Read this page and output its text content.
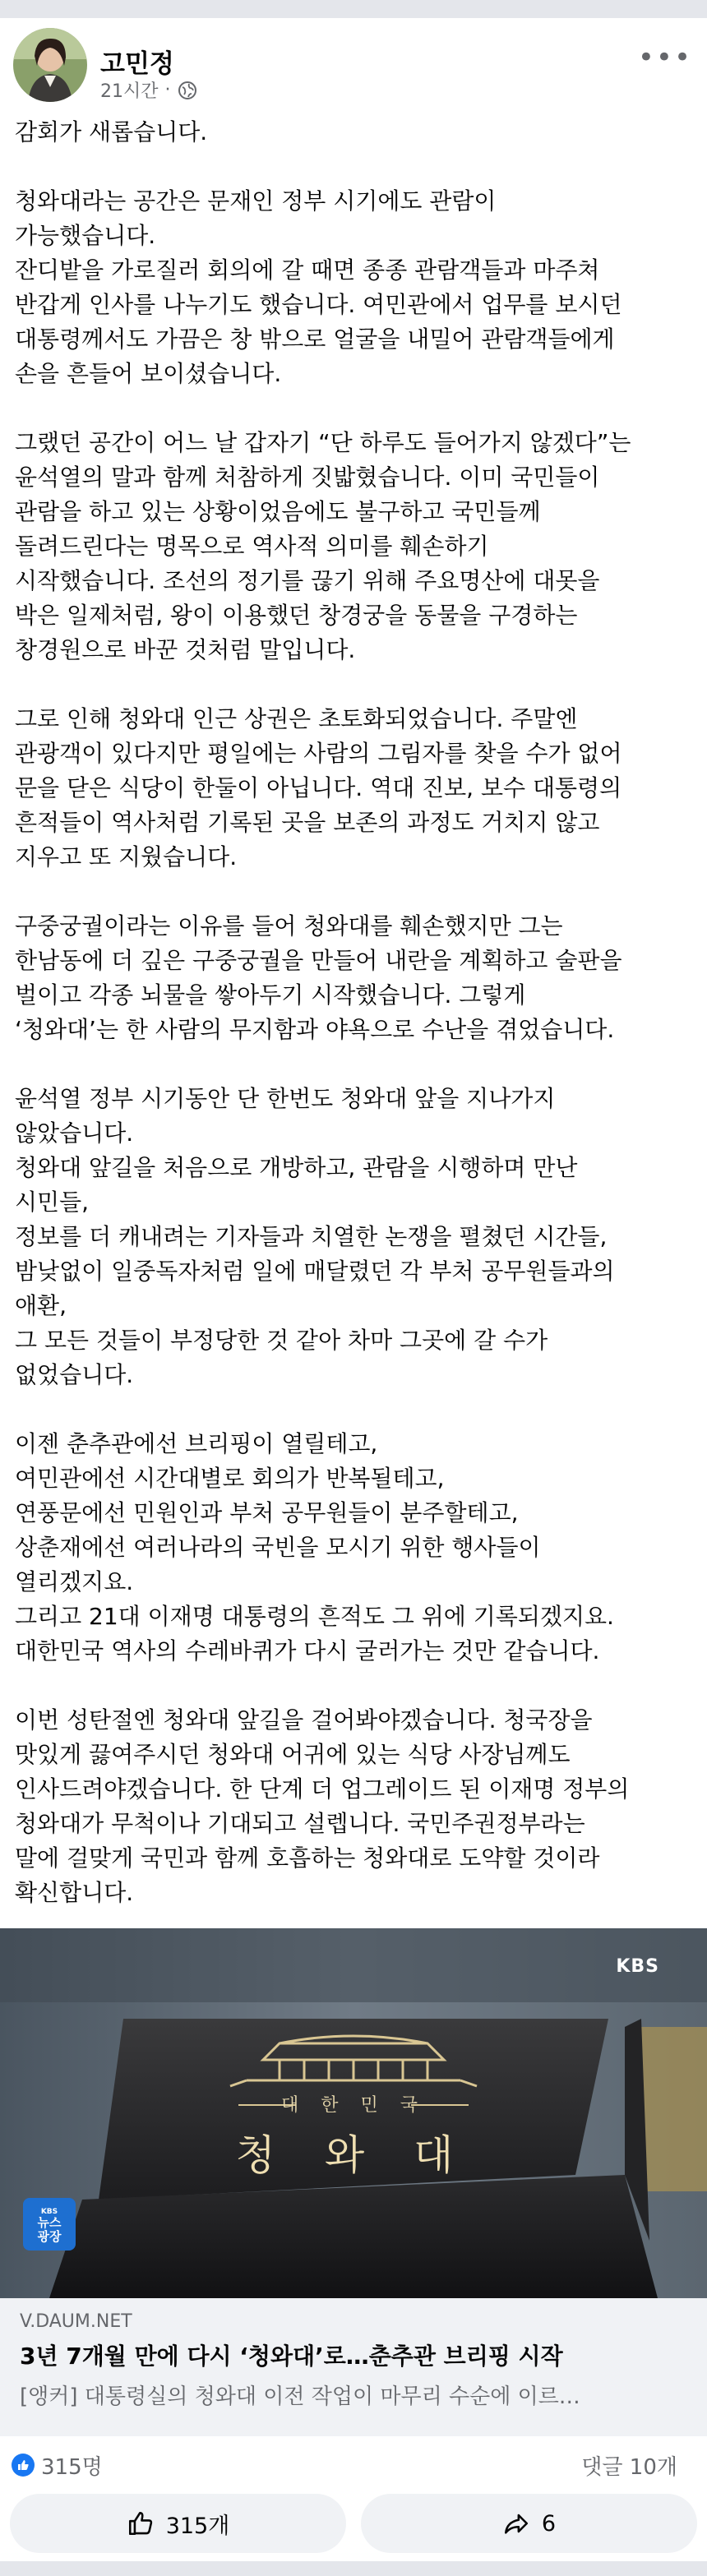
고민정
21시간 ·
•••
감회가 새롭습니다.

청와대라는 공간은 문재인 정부 시기에도 관람이
가능했습니다.
잔디밭을 가로질러 회의에 갈 때면 종종 관람객들과 마주쳐
반갑게 인사를 나누기도 했습니다. 여민관에서 업무를 보시던
대통령께서도 가끔은 창 밖으로 얼굴을 내밀어 관람객들에게
손을 흔들어 보이셨습니다.

그랬던 공간이 어느 날 갑자기 “단 하루도 들어가지 않겠다”는
윤석열의 말과 함께 처참하게 짓밟혔습니다. 이미 국민들이
관람을 하고 있는 상황이었음에도 불구하고 국민들께
돌려드린다는 명목으로 역사적 의미를 훼손하기
시작했습니다. 조선의 정기를 끊기 위해 주요명산에 대못을
박은 일제처럼, 왕이 이용했던 창경궁을 동물을 구경하는
창경원으로 바꾼 것처럼 말입니다.

그로 인해 청와대 인근 상권은 초토화되었습니다. 주말엔
관광객이 있다지만 평일에는 사람의 그림자를 찾을 수가 없어
문을 닫은 식당이 한둘이 아닙니다. 역대 진보, 보수 대통령의
흔적들이 역사처럼 기록된 곳을 보존의 과정도 거치지 않고
지우고 또 지웠습니다.

구중궁궐이라는 이유를 들어 청와대를 훼손했지만 그는
한남동에 더 깊은 구중궁궐을 만들어 내란을 계획하고 술판을
벌이고 각종 뇌물을 쌓아두기 시작했습니다. 그렇게
‘청와대’는 한 사람의 무지함과 야욕으로 수난을 겪었습니다.

윤석열 정부 시기동안 단 한번도 청와대 앞을 지나가지
않았습니다.
청와대 앞길을 처음으로 개방하고, 관람을 시행하며 만난
시민들,
정보를 더 캐내려는 기자들과 치열한 논쟁을 펼쳤던 시간들,
밤낮없이 일중독자처럼 일에 매달렸던 각 부처 공무원들과의
애환,
그 모든 것들이 부정당한 것 같아 차마 그곳에 갈 수가
없었습니다.

이젠 춘추관에선 브리핑이 열릴테고,
여민관에선 시간대별로 회의가 반복될테고,
연풍문에선 민원인과 부처 공무원들이 분주할테고,
상춘재에선 여러나라의 국빈을 모시기 위한 행사들이
열리겠지요.
그리고 21대 이재명 대통령의 흔적도 그 위에 기록되겠지요.
대한민국 역사의 수레바퀴가 다시 굴러가는 것만 같습니다.

이번 성탄절엔 청와대 앞길을 걸어봐야겠습니다. 청국장을
맛있게 끓여주시던 청와대 어귀에 있는 식당 사장님께도
인사드려야겠습니다. 한 단계 더 업그레이드 된 이재명 정부의
청와대가 무척이나 기대되고 설렙니다. 국민주권정부라는
말에 걸맞게 국민과 함께 호흡하는 청와대로 도약할 것이라
확신합니다.
KBS
대 한 민 국
청 와 대
KBS
뉴스
광장
V.DAUM.NET
3년 7개월 만에 다시 ‘청와대’로…춘추관 브리핑 시작
[앵커] 대통령실의 청와대 이전 작업이 마무리 수순에 이르…
315명	댓글 10개
315개	6
